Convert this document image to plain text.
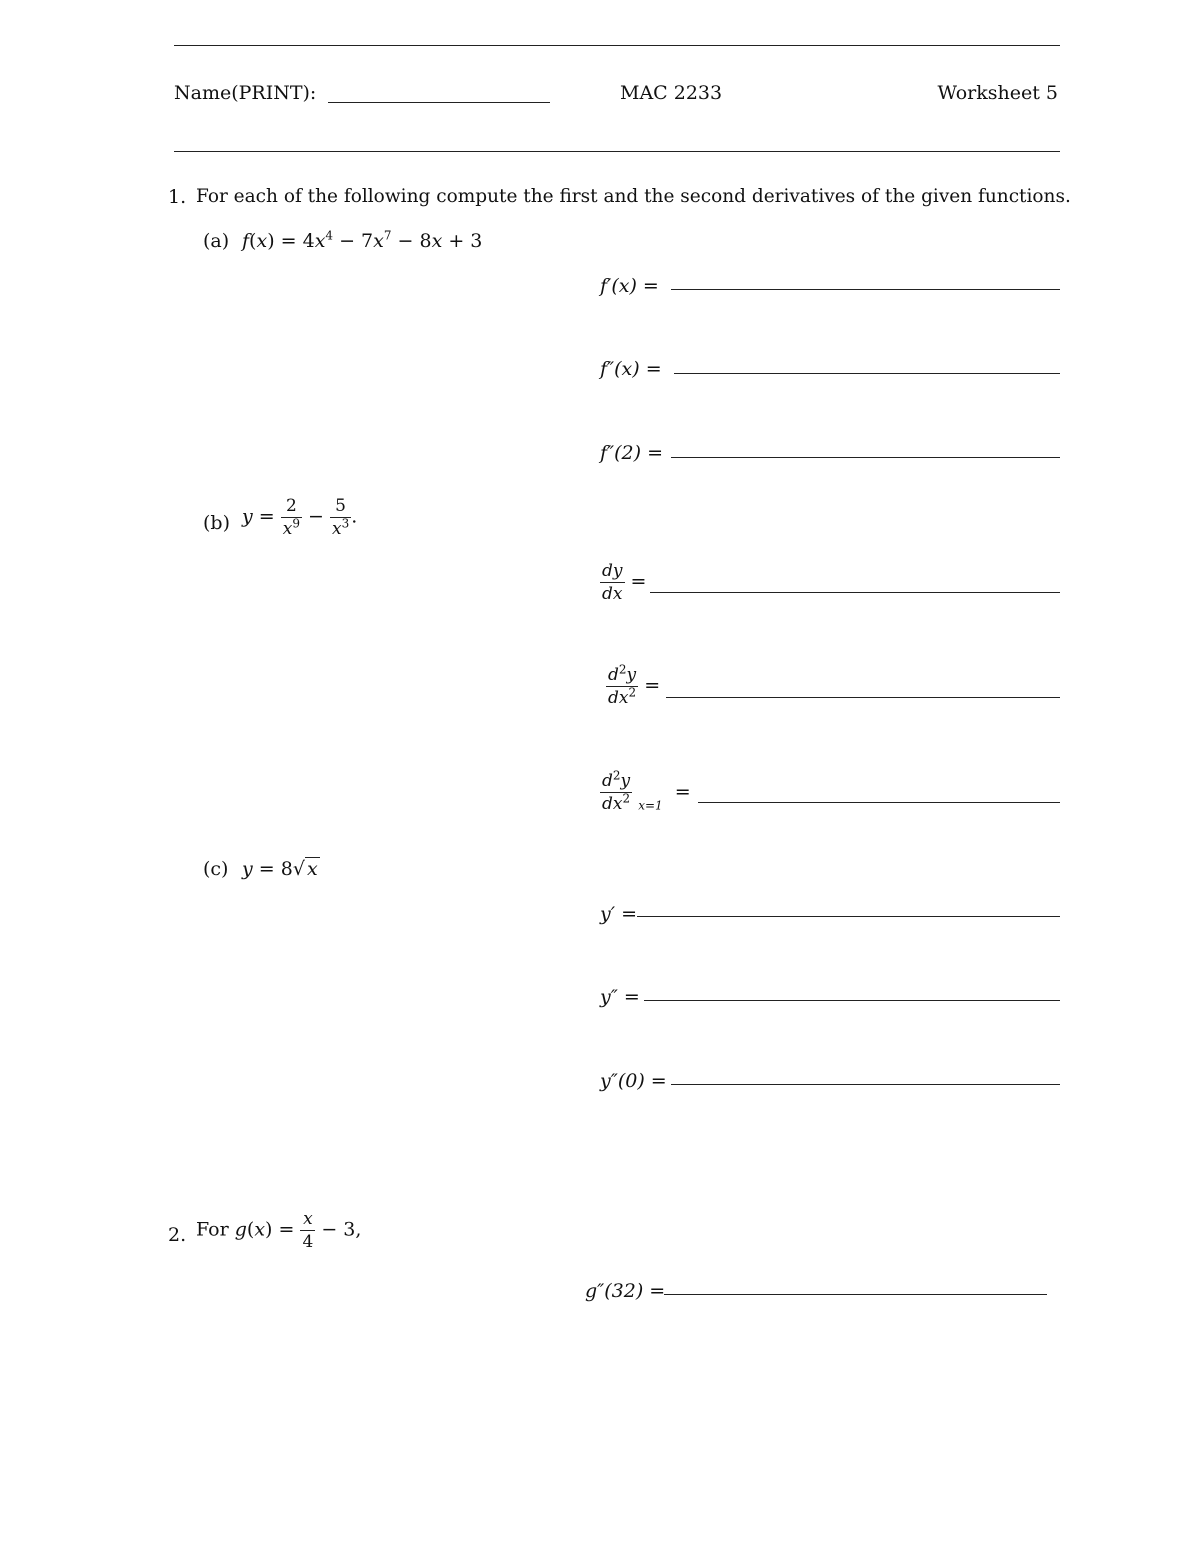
Name(PRINT):	MAC 2233	Worksheet 5
1. For each of the following compute the first and the second derivatives of the given functions.
(a) $f(x) = 4x^4 - 7x^7 - 8x + 3$
f′(x) =
f″(x) =
f″(2) =
(b) $y = \frac{2}{x^9} - \frac{5}{x^3}$ .
$\frac{dy}{dx}$ =
$\frac{d^2y}{dx^2}$ =
$\frac{d^2y}{dx^2} _{x=1}$ =
(c) y = 8√ x
y′ =
y″ =
y″(0) =
2. For $g(x) = \frac{x}{4} - 3$,
g″(32) =
